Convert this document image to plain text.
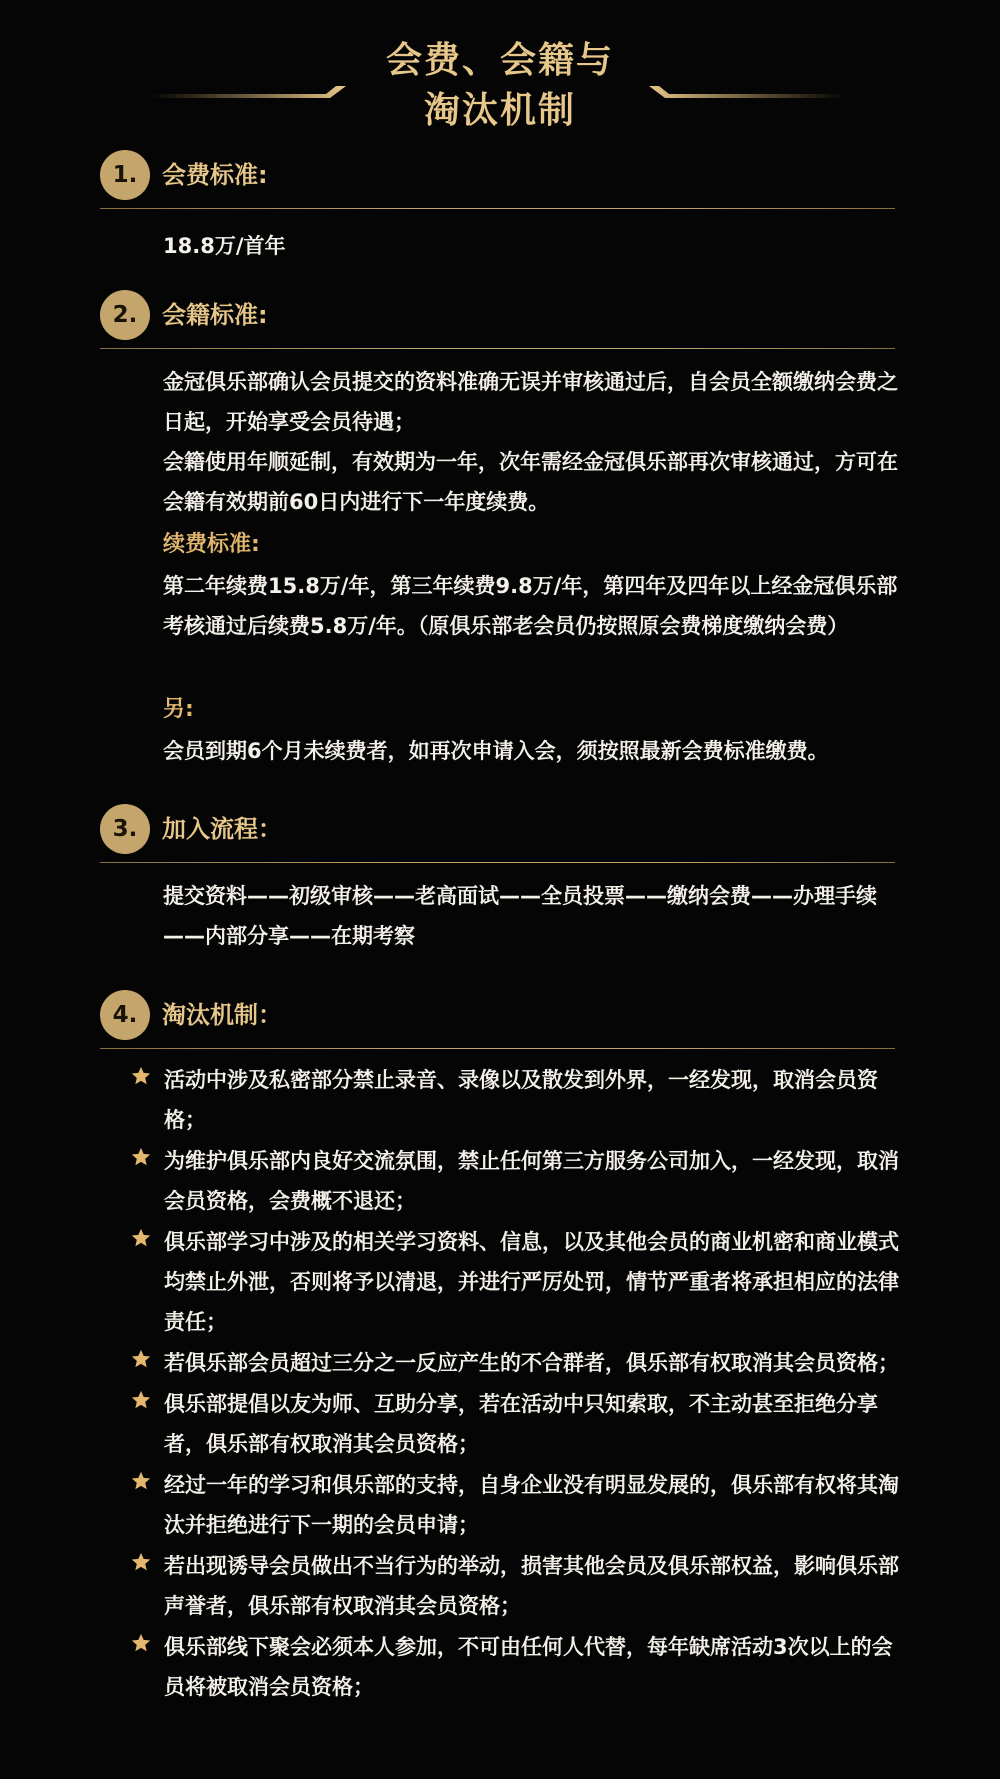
会费、会籍与
淘汰机制
1.	会费标准:

18.8万/首年

2.	会籍标准:

金冠俱乐部确认会员提交的资料准确无误并审核通过后，自会员全额缴纳会费之日起，开始享受会员待遇；

会籍使用年顺延制，有效期为一年，次年需经金冠俱乐部再次审核通过，方可在会籍有效期前60日内进行下一年度续费。

续费标准:

第二年续费15.8万/年，第三年续费9.8万/年，第四年及四年以上经金冠俱乐部考核通过后续费5.8万/年。（原俱乐部老会员仍按照原会费梯度缴纳会费）

另:

会员到期6个月未续费者，如再次申请入会，须按照最新会费标准缴费。

3.	加入流程：

提交资料——初级审核——老高面试——全员投票——缴纳会费——办理手续——内部分享——在期考察

4.	淘汰机制：
活动中涉及私密部分禁止录音、录像以及散发到外界，一经发现，取消会员资格；
为维护俱乐部内良好交流氛围，禁止任何第三方服务公司加入，一经发现，取消会员资格，会费概不退还；
俱乐部学习中涉及的相关学习资料、信息，以及其他会员的商业机密和商业模式均禁止外泄，否则将予以清退，并进行严厉处罚，情节严重者将承担相应的法律责任；
若俱乐部会员超过三分之一反应产生的不合群者，俱乐部有权取消其会员资格；
俱乐部提倡以友为师、互助分享，若在活动中只知索取，不主动甚至拒绝分享者，俱乐部有权取消其会员资格；
经过一年的学习和俱乐部的支持，自身企业没有明显发展的，俱乐部有权将其淘汰并拒绝进行下一期的会员申请；
若出现诱导会员做出不当行为的举动，损害其他会员及俱乐部权益，影响俱乐部声誉者，俱乐部有权取消其会员资格；
俱乐部线下聚会必须本人参加，不可由任何人代替，每年缺席活动3次以上的会员将被取消会员资格；
